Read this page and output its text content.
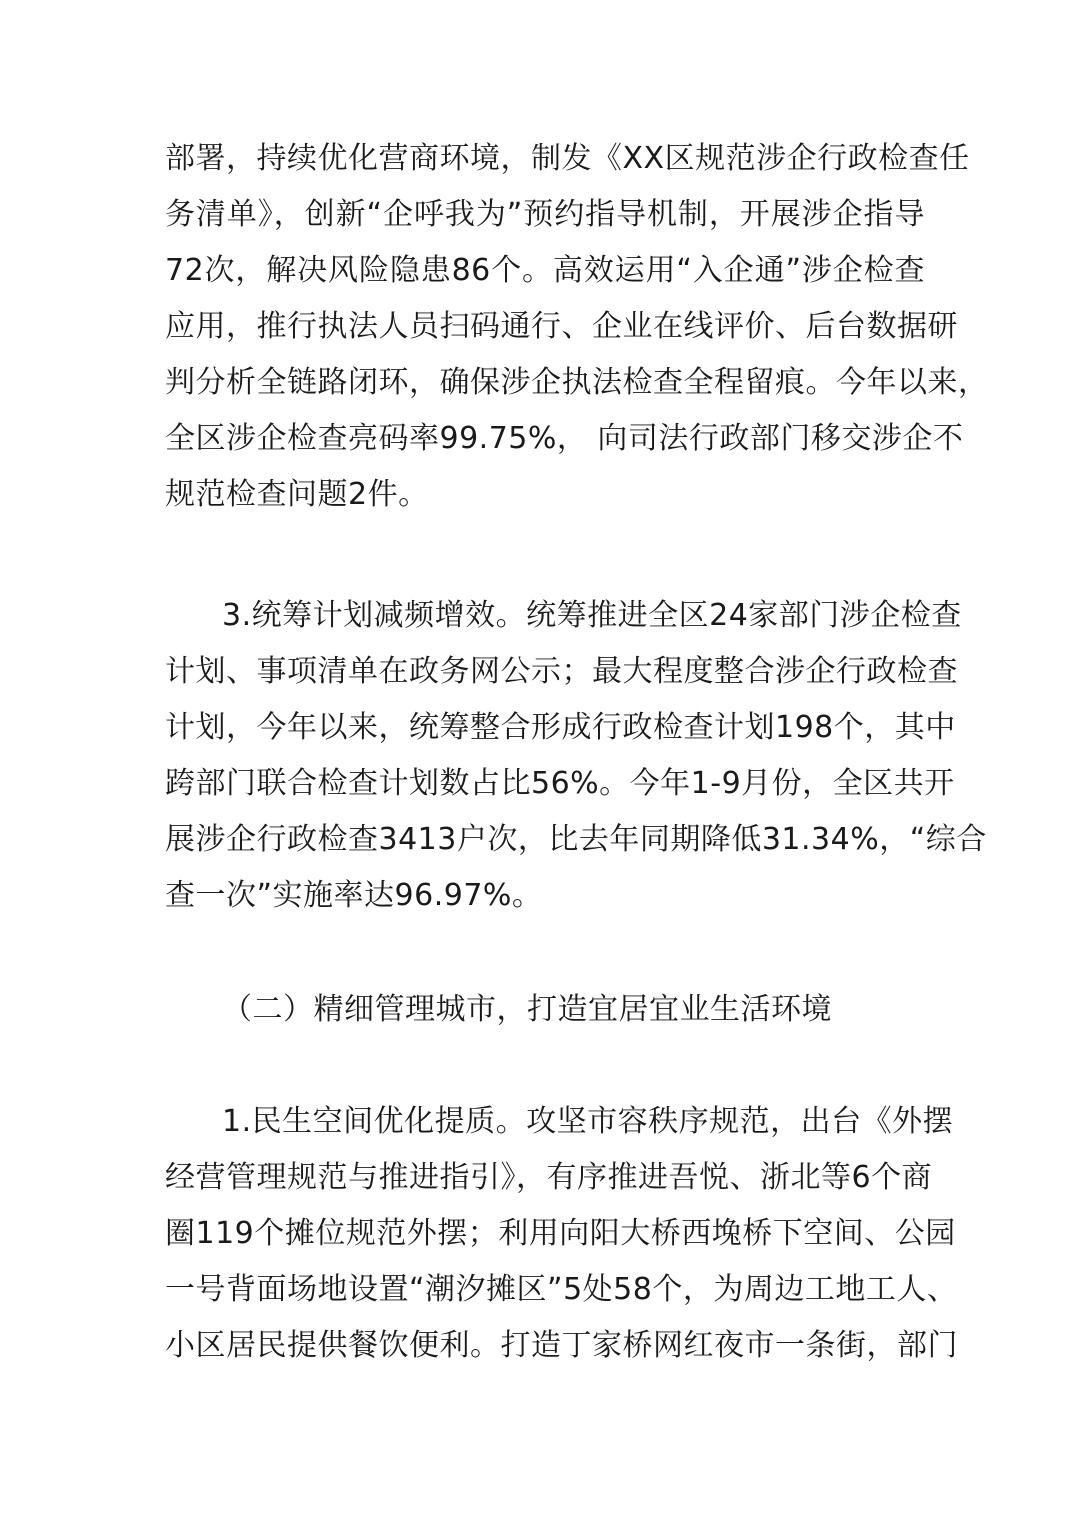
部署，持续优化营商环境，制发《XX区规范涉企行政检查任
务清单》，创新“企呼我为”预约指导机制，开展涉企指导
72次，解决风险隐患86个。高效运用“入企通”涉企检查
应用，推行执法人员扫码通行、企业在线评价、后台数据研
判分析全链路闭环，确保涉企执法检查全程留痕。今年以来，
全区涉企检查亮码率99.75%， 向司法行政部门移交涉企不
规范检查问题2件。
3.统筹计划减频增效。统筹推进全区24家部门涉企检查
计划、事项清单在政务网公示；最大程度整合涉企行政检查
计划，今年以来，统筹整合形成行政检查计划198个，其中
跨部门联合检查计划数占比56%。今年1-9月份，全区共开
展涉企行政检查3413户次，比去年同期降低31.34%，“综合
查一次”实施率达96.97%。
（二）精细管理城市，打造宜居宜业生活环境
1.民生空间优化提质。攻坚市容秩序规范，出台《外摆
经营管理规范与推进指引》，有序推进吾悦、浙北等6个商
圈119个摊位规范外摆；利用向阳大桥西堍桥下空间、公园
一号背面场地设置“潮汐摊区”5处58个，为周边工地工人、
小区居民提供餐饮便利。打造丁家桥网红夜市一条街，部门
